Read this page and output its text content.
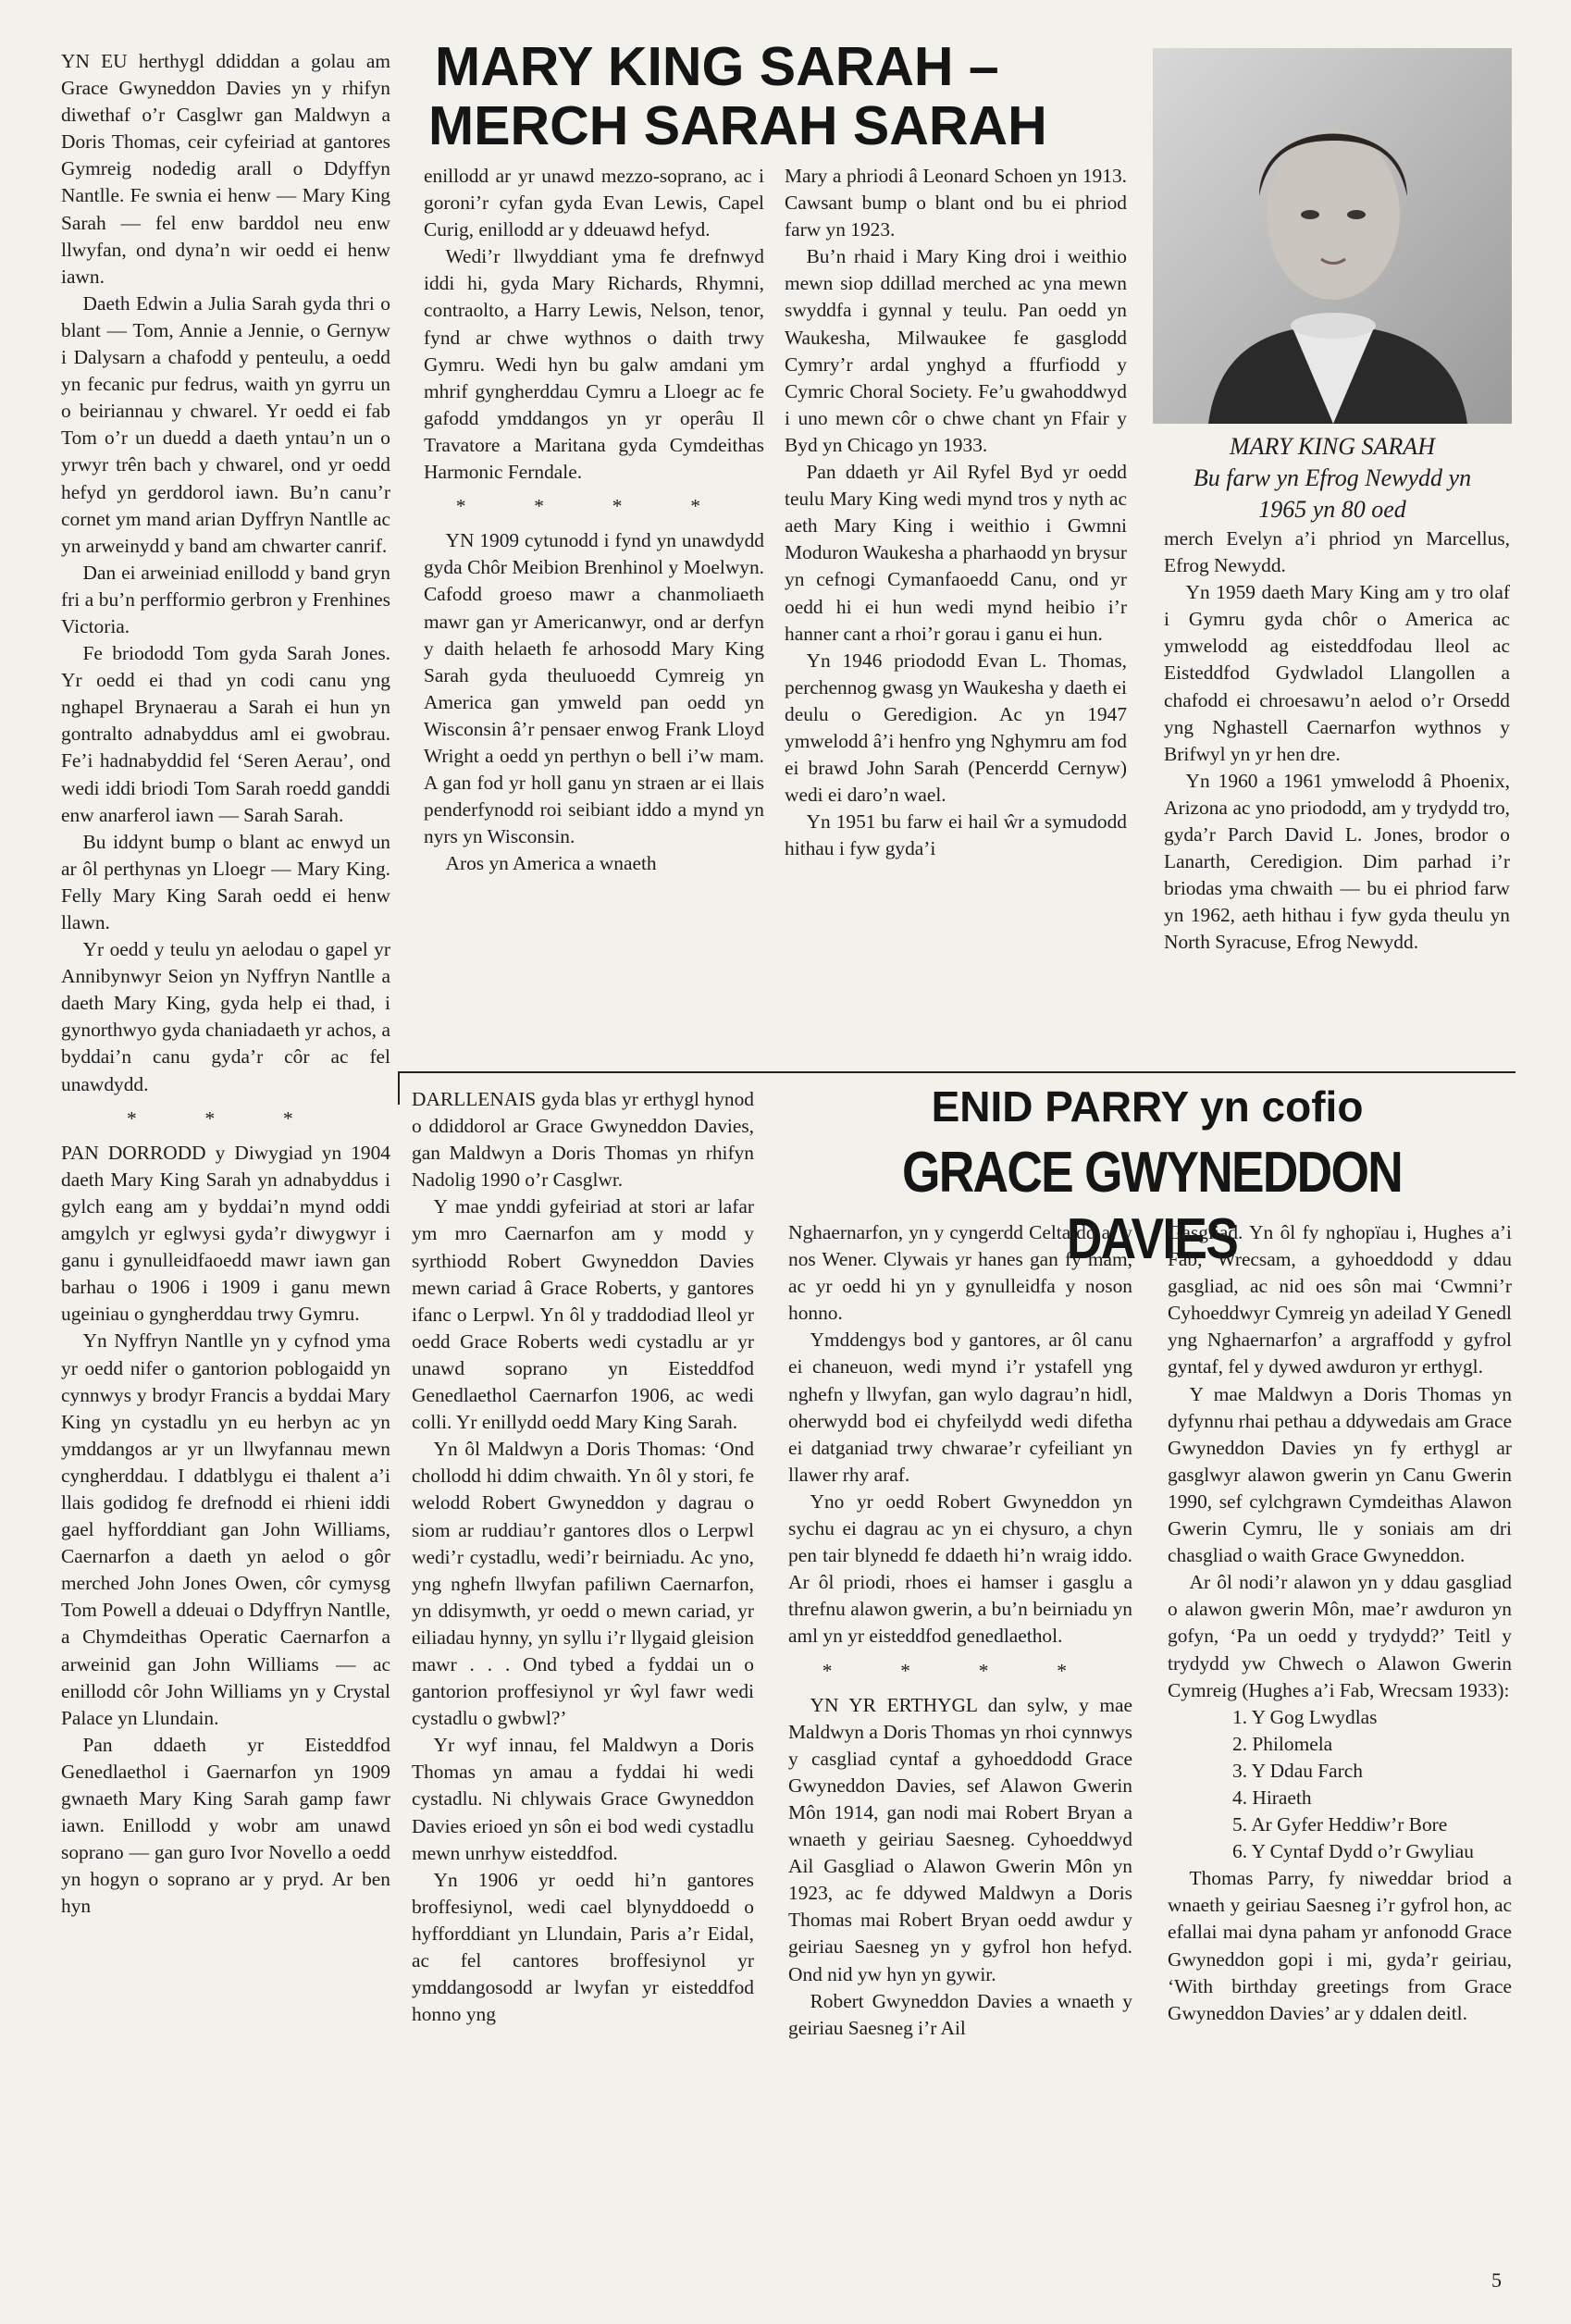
MARY KING SARAH –
MERCH SARAH SARAH

YN EU herthygl ddiddan a golau am Grace Gwyneddon Davies yn y rhifyn diwethaf o’r Casglwr gan Maldwyn a Doris Thomas, ceir cyfeiriad at gantores Gymreig nodedig arall o Ddyffyn Nantlle. Fe swnia ei henw — Mary King Sarah — fel enw barddol neu enw llwyfan, ond dyna’n wir oedd ei henw iawn.

Daeth Edwin a Julia Sarah gyda thri o blant — Tom, Annie a Jennie, o Gernyw i Dalysarn a chafodd y penteulu, a oedd yn fecanic pur fedrus, waith yn gyrru un o beiriannau y chwarel. Yr oedd ei fab Tom o’r un duedd a daeth yntau’n un o yrwyr trên bach y chwarel, ond yr oedd hefyd yn gerddorol iawn. Bu’n canu’r cornet ym mand arian Dyffryn Nantlle ac yn arweinydd y band am chwarter canrif.

Dan ei arweiniad enillodd y band gryn fri a bu’n perfformio gerbron y Frenhines Victoria.

Fe briododd Tom gyda Sarah Jones. Yr oedd ei thad yn codi canu yng nghapel Brynaerau a Sarah ei hun yn gontralto adnabyddus aml ei gwobrau. Fe’i hadnabyddid fel ‘Seren Aerau’, ond wedi iddi briodi Tom Sarah roedd ganddi enw anarferol iawn — Sarah Sarah.

Bu iddynt bump o blant ac enwyd un ar ôl perthynas yn Lloegr — Mary King. Felly Mary King Sarah oedd ei henw llawn.

Yr oedd y teulu yn aelodau o gapel yr Annibynwyr Seion yn Nyffryn Nantlle a daeth Mary King, gyda help ei thad, i gynorthwyo gyda chaniadaeth yr achos, a byddai’n canu gyda’r côr ac fel unawdydd.

* * *

PAN DORRODD y Diwygiad yn 1904 daeth Mary King Sarah yn adnabyddus i gylch eang am y byddai’n mynd oddi amgylch yr eglwysi gyda’r diwygwyr i ganu i gynulleidfaoedd mawr iawn gan barhau o 1906 i 1909 i ganu mewn ugeiniau o gyngherddau trwy Gymru.

Yn Nyffryn Nantlle yn y cyfnod yma yr oedd nifer o gantorion poblogaidd yn cynnwys y brodyr Francis a byddai Mary King yn cystadlu yn eu herbyn ac yn ymddangos ar yr un llwyfannau mewn cyngherddau. I ddatblygu ei thalent a’i llais godidog fe drefnodd ei rhieni iddi gael hyfforddiant gan John Williams, Caernarfon a daeth yn aelod o gôr merched John Jones Owen, côr cymysg Tom Powell a ddeuai o Ddyffryn Nantlle, a Chymdeithas Operatic Caernarfon a arweinid gan John Williams — ac enillodd côr John Williams yn y Crystal Palace yn Llundain.

Pan ddaeth yr Eisteddfod Genedlaethol i Gaernarfon yn 1909 gwnaeth Mary King Sarah gamp fawr iawn. Enillodd y wobr am unawd soprano — gan guro Ivor Novello a oedd yn hogyn o soprano ar y pryd. Ar ben hyn

enillodd ar yr unawd mezzo-soprano, ac i goroni’r cyfan gyda Evan Lewis, Capel Curig, enillodd ar y ddeuawd hefyd.

Wedi’r llwyddiant yma fe drefnwyd iddi hi, gyda Mary Richards, Rhymni, contraolto, a Harry Lewis, Nelson, tenor, fynd ar chwe wythnos o daith trwy Gymru. Wedi hyn bu galw amdani ym mhrif gyngherddau Cymru a Lloegr ac fe gafodd ymddangos yn yr operâu Il Travatore a Maritana gyda Cymdeithas Harmonic Ferndale.

* * * *

YN 1909 cytunodd i fynd yn unawdydd gyda Chôr Meibion Brenhinol y Moelwyn. Cafodd groeso mawr a chanmoliaeth mawr gan yr Americanwyr, ond ar derfyn y daith helaeth fe arhosodd Mary King Sarah gyda theuluoedd Cymreig yn America gan ymweld pan oedd yn Wisconsin â’r pensaer enwog Frank Lloyd Wright a oedd yn perthyn o bell i’w mam. A gan fod yr holl ganu yn straen ar ei llais penderfynodd roi seibiant iddo a mynd yn nyrs yn Wisconsin.

Aros yn America a wnaeth

Mary a phriodi â Leonard Schoen yn 1913. Cawsant bump o blant ond bu ei phriod farw yn 1923.

Bu’n rhaid i Mary King droi i weithio mewn siop ddillad merched ac yna mewn swyddfa i gynnal y teulu. Pan oedd yn Waukesha, Milwaukee fe gasglodd Cymry’r ardal ynghyd a ffurfiodd y Cymric Choral Society. Fe’u gwahoddwyd i uno mewn côr o chwe chant yn Ffair y Byd yn Chicago yn 1933.

Pan ddaeth yr Ail Ryfel Byd yr oedd teulu Mary King wedi mynd tros y nyth ac aeth Mary King i weithio i Gwmni Moduron Waukesha a pharhaodd yn brysur yn cefnogi Cymanfaoedd Canu, ond yr oedd hi ei hun wedi mynd heibio i’r hanner cant a rhoi’r gorau i ganu ei hun.

Yn 1946 priododd Evan L. Thomas, perchennog gwasg yn Waukesha y daeth ei deulu o Geredigion. Ac yn 1947 ymwelodd â’i henfro yng Nghymru am fod ei brawd John Sarah (Pencerdd Cernyw) wedi ei daro’n wael.

Yn 1951 bu farw ei hail ŵr a symudodd hithau i fyw gyda’i

MARY KING SARAH
Bu farw yn Efrog Newydd yn
1965 yn 80 oed

merch Evelyn a’i phriod yn Marcellus, Efrog Newydd.

Yn 1959 daeth Mary King am y tro olaf i Gymru gyda chôr o America ac ymwelodd ag eisteddfodau lleol ac Eisteddfod Gydwladol Llangollen a chafodd ei chroesawu’n aelod o’r Orsedd yng Nghastell Caernarfon wythnos y Brifwyl yn yr hen dre.

Yn 1960 a 1961 ymwelodd â Phoenix, Arizona ac yno priododd, am y trydydd tro, gyda’r Parch David L. Jones, brodor o Lanarth, Ceredigion. Dim parhad i’r briodas yma chwaith — bu ei phriod farw yn 1962, aeth hithau i fyw gyda theulu yn North Syracuse, Efrog Newydd.

ENID PARRY yn cofio
GRACE GWYNEDDON DAVIES

DARLLENAIS gyda blas yr erthygl hynod o ddiddorol ar Grace Gwyneddon Davies, gan Maldwyn a Doris Thomas yn rhifyn Nadolig 1990 o’r Casglwr.

Y mae ynddi gyfeiriad at stori ar lafar ym mro Caernarfon am y modd y syrthiodd Robert Gwyneddon Davies mewn cariad â Grace Roberts, y gantores ifanc o Lerpwl. Yn ôl y traddodiad lleol yr oedd Grace Roberts wedi cystadlu ar yr unawd soprano yn Eisteddfod Genedlaethol Caernarfon 1906, ac wedi colli. Yr enillydd oedd Mary King Sarah.

Yn ôl Maldwyn a Doris Thomas: ‘Ond chollodd hi ddim chwaith. Yn ôl y stori, fe welodd Robert Gwyneddon y dagrau o siom ar ruddiau’r gantores dlos o Lerpwl wedi’r cystadlu, wedi’r beirniadu. Ac yno, yng nghefn llwyfan pafiliwn Caernarfon, yn ddisymwth, yr oedd o mewn cariad, yr eiliadau hynny, yn syllu i’r llygaid gleision mawr . . . Ond tybed a fyddai un o gantorion proffesiynol yr ŵyl fawr wedi cystadlu o gwbwl?’

Yr wyf innau, fel Maldwyn a Doris Thomas yn amau a fyddai hi wedi cystadlu. Ni chlywais Grace Gwyneddon Davies erioed yn sôn ei bod wedi cystadlu mewn unrhyw eisteddfod.

Yn 1906 yr oedd hi’n gantores broffesiynol, wedi cael blynyddoedd o hyfforddiant yn Llundain, Paris a’r Eidal, ac fel cantores broffesiynol yr ymddangosodd ar lwyfan yr eisteddfod honno yng

Nghaernarfon, yn y cyngerdd Celtaidd ar y nos Wener. Clywais yr hanes gan fy mam, ac yr oedd hi yn y gynulleidfa y noson honno.

Ymddengys bod y gantores, ar ôl canu ei chaneuon, wedi mynd i’r ystafell yng nghefn y llwyfan, gan wylo dagrau’n hidl, oherwydd bod ei chyfeilydd wedi difetha ei datganiad trwy chwarae’r cyfeiliant yn llawer rhy araf.

Yno yr oedd Robert Gwyneddon yn sychu ei dagrau ac yn ei chysuro, a chyn pen tair blynedd fe ddaeth hi’n wraig iddo. Ar ôl priodi, rhoes ei hamser i gasglu a threfnu alawon gwerin, a bu’n beirniadu yn aml yn yr eisteddfod genedlaethol.

* * * *

YN YR ERTHYGL dan sylw, y mae Maldwyn a Doris Thomas yn rhoi cynnwys y casgliad cyntaf a gyhoeddodd Grace Gwyneddon Davies, sef Alawon Gwerin Môn 1914, gan nodi mai Robert Bryan a wnaeth y geiriau Saesneg. Cyhoeddwyd Ail Gasgliad o Alawon Gwerin Môn yn 1923, ac fe ddywed Maldwyn a Doris Thomas mai Robert Bryan oedd awdur y geiriau Saesneg yn y gyfrol hon hefyd. Ond nid yw hyn yn gywir.

Robert Gwyneddon Davies a wnaeth y geiriau Saesneg i’r Ail

Gasgliad. Yn ôl fy nghopïau i, Hughes a’i Fab, Wrecsam, a gyhoeddodd y ddau gasgliad, ac nid oes sôn mai ‘Cwmni’r Cyhoeddwyr Cymreig yn adeilad Y Genedl yng Nghaernarfon’ a argraffodd y gyfrol gyntaf, fel y dywed awduron yr erthygl.

Y mae Maldwyn a Doris Thomas yn dyfynnu rhai pethau a ddywedais am Grace Gwyneddon Davies yn fy erthygl ar gasglwyr alawon gwerin yn Canu Gwerin 1990, sef cylchgrawn Cymdeithas Alawon Gwerin Cymru, lle y soniais am dri chasgliad o waith Grace Gwyneddon.

Ar ôl nodi’r alawon yn y ddau gasgliad o alawon gwerin Môn, mae’r awduron yn gofyn, ‘Pa un oedd y trydydd?’ Teitl y trydydd yw Chwech o Alawon Gwerin Cymreig (Hughes a’i Fab, Wrecsam 1933):

1. Y Gog Lwydlas
2. Philomela
3. Y Ddau Farch
4. Hiraeth
5. Ar Gyfer Heddiw’r Bore
6. Y Cyntaf Dydd o’r Gwyliau

Thomas Parry, fy niweddar briod a wnaeth y geiriau Saesneg i’r gyfrol hon, ac efallai mai dyna paham yr anfonodd Grace Gwyneddon gopi i mi, gyda’r geiriau, ‘With birthday greetings from Grace Gwyneddon Davies’ ar y ddalen deitl.

5
